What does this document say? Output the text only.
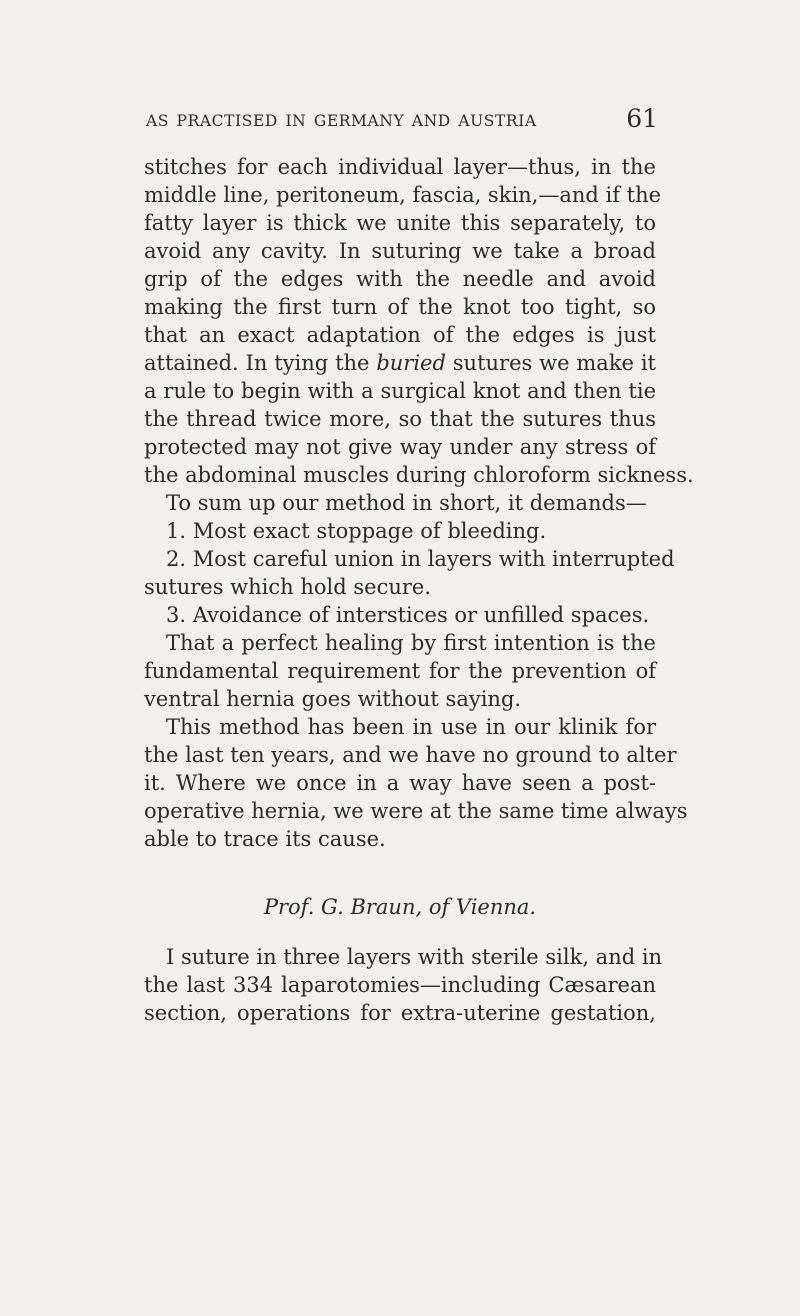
AS PRACTISED IN GERMANY AND AUSTRIA	61
stitches for each individual layer—thus, in the
middle line, peritoneum, fascia, skin,—and if the
fatty layer is thick we unite this separately, to
avoid any cavity. In suturing we take a broad
grip of the edges with the needle and avoid
making the first turn of the knot too tight, so
that an exact adaptation of the edges is just
attained. In tying the buried sutures we make it
a rule to begin with a surgical knot and then tie
the thread twice more, so that the sutures thus
protected may not give way under any stress of
the abdominal muscles during chloroform sickness.
To sum up our method in short, it demands—
1. Most exact stoppage of bleeding.
2. Most careful union in layers with interrupted
sutures which hold secure.
3. Avoidance of interstices or unfilled spaces.
That a perfect healing by first intention is the
fundamental requirement for the prevention of
ventral hernia goes without saying.
This method has been in use in our klinik for
the last ten years, and we have no ground to alter
it. Where we once in a way have seen a post-
operative hernia, we were at the same time always
able to trace its cause.
Prof. G. Braun, of Vienna.
I suture in three layers with sterile silk, and in
the last 334 laparotomies—including Cæsarean
section, operations for extra-uterine gestation,
